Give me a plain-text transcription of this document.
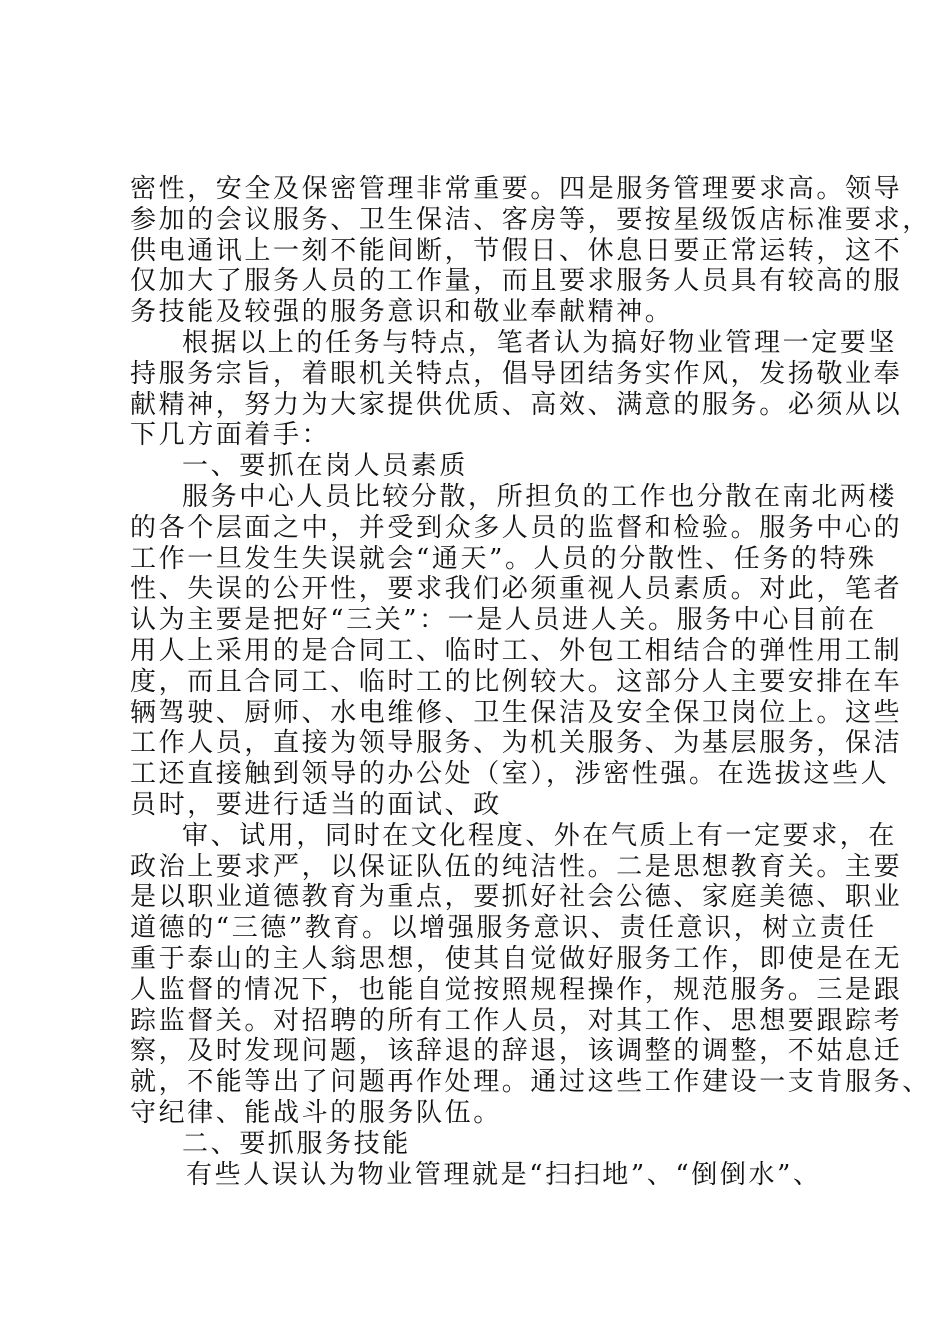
密性，安全及保密管理非常重要。四是服务管理要求高。领导
参加的会议服务、卫生保洁、客房等，要按星级饭店标准要求，
供电通讯上一刻不能间断，节假日、休息日要正常运转，这不
仅加大了服务人员的工作量，而且要求服务人员具有较高的服
务技能及较强的服务意识和敬业奉献精神。
根据以上的任务与特点，笔者认为搞好物业管理一定要坚
持服务宗旨，着眼机关特点，倡导团结务实作风，发扬敬业奉
献精神，努力为大家提供优质、高效、满意的服务。必须从以
下几方面着手：
一、要抓在岗人员素质
服务中心人员比较分散，所担负的工作也分散在南北两楼
的各个层面之中，并受到众多人员的监督和检验。服务中心的
工作一旦发生失误就会“通天”。人员的分散性、任务的特殊
性、失误的公开性，要求我们必须重视人员素质。对此，笔者
认为主要是把好“三关”：一是人员进人关。服务中心目前在
用人上采用的是合同工、临时工、外包工相结合的弹性用工制
度，而且合同工、临时工的比例较大。这部分人主要安排在车
辆驾驶、厨师、水电维修、卫生保洁及安全保卫岗位上。这些
工作人员，直接为领导服务、为机关服务、为基层服务，保洁
工还直接触到领导的办公处（室），涉密性强。在选拔这些人
员时，要进行适当的面试、政
审、试用，同时在文化程度、外在气质上有一定要求，在
政治上要求严，以保证队伍的纯洁性。二是思想教育关。主要
是以职业道德教育为重点，要抓好社会公德、家庭美德、职业
道德的“三德”教育。以增强服务意识、责任意识，树立责任
重于泰山的主人翁思想，使其自觉做好服务工作，即使是在无
人监督的情况下，也能自觉按照规程操作，规范服务。三是跟
踪监督关。对招聘的所有工作人员，对其工作、思想要跟踪考
察，及时发现问题，该辞退的辞退，该调整的调整，不姑息迁
就，不能等出了问题再作处理。通过这些工作建设一支肯服务、
守纪律、能战斗的服务队伍。
二、要抓服务技能
有些人误认为物业管理就是“扫扫地”、“倒倒水”、
